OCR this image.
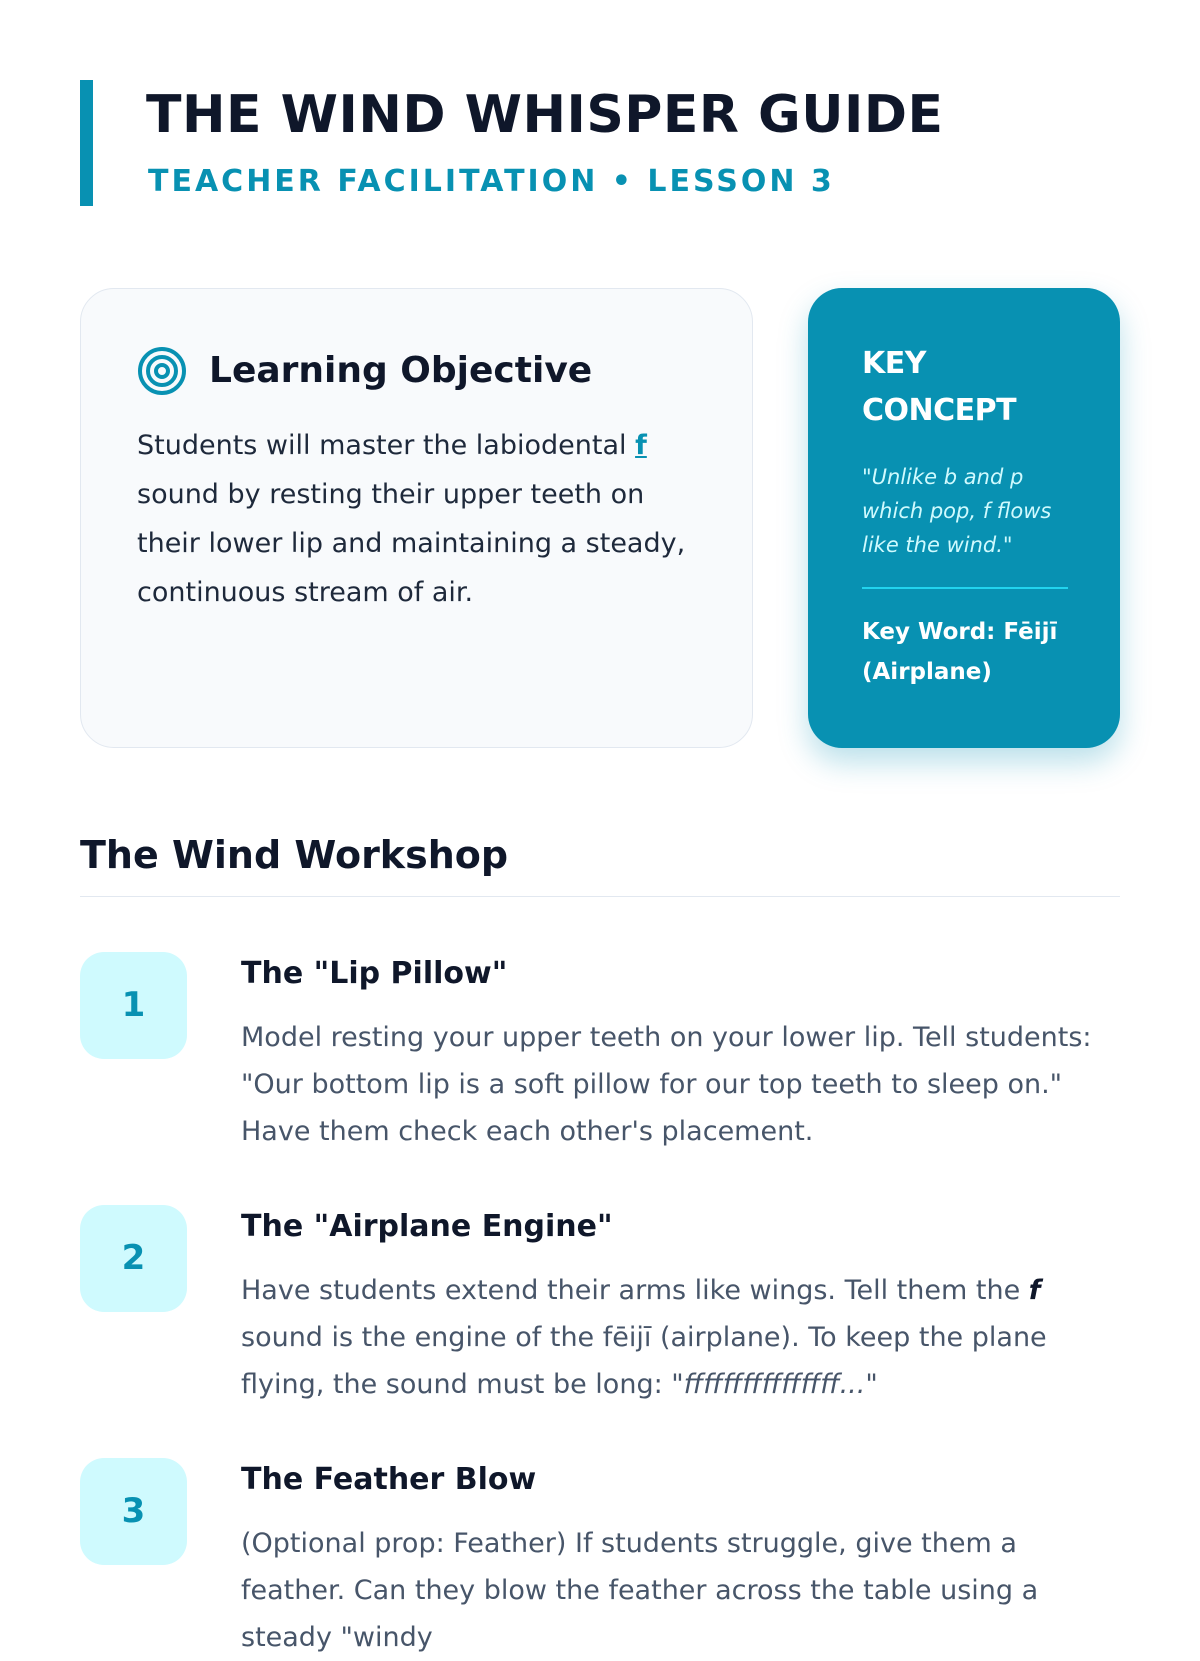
THE WIND WHISPER GUIDE
TEACHER FACILITATION • LESSON 3
Learning Objective

Students will master the labiodental f sound by resting their upper teeth on their lower lip and maintaining a steady, continuous stream of air.

KEY CONCEPT

"Unlike b and p which pop, f flows like the wind."

Key Word: Fēijī (Airplane)

The Wind Workshop
1
The "Lip Pillow"

Model resting your upper teeth on your lower lip. Tell students: "Our bottom lip is a soft pillow for our top teeth to sleep on." Have them check each other's placement.

2
The "Airplane Engine"

Have students extend their arms like wings. Tell them the f sound is the engine of the fēijī (airplane). To keep the plane flying, the sound must be long: "ffffffffffffffff..."

3
The Feather Blow

(Optional prop: Feather) If students struggle, give them a feather. Can they blow the feather across the table using a steady "windy
